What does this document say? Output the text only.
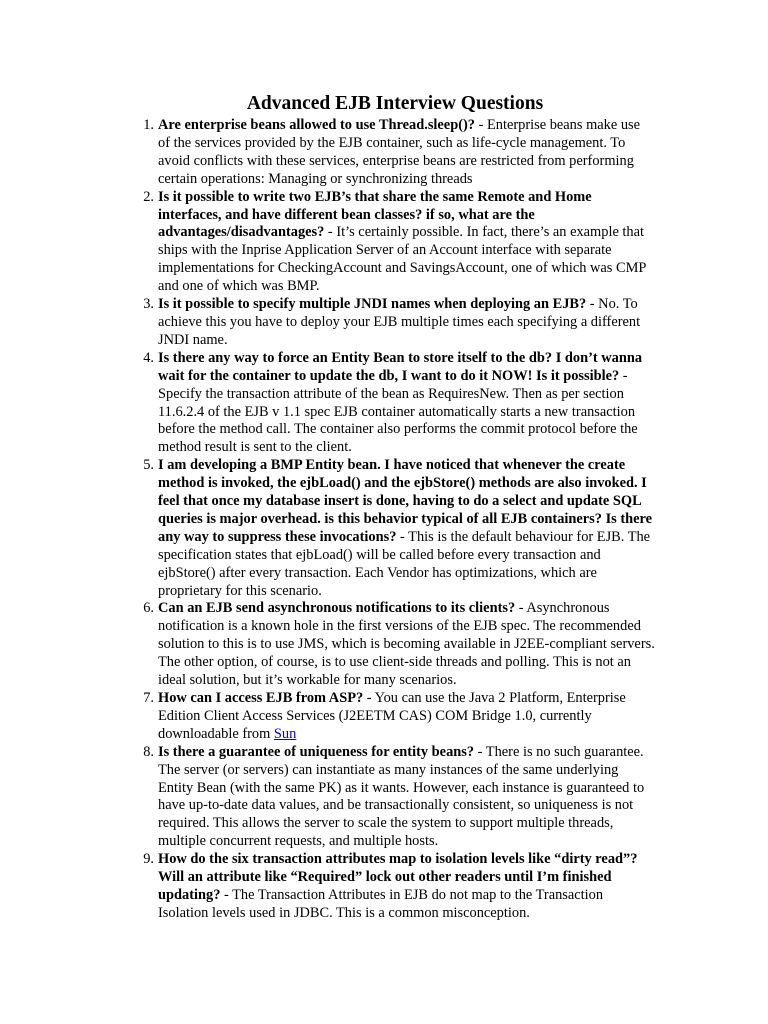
Advanced EJB Interview Questions
1. Are enterprise beans allowed to use Thread.sleep()? - Enterprise beans make use of the services provided by the EJB container, such as life-cycle management. To avoid conflicts with these services, enterprise beans are restricted from performing certain operations: Managing or synchronizing threads
2. Is it possible to write two EJB’s that share the same Remote and Home interfaces, and have different bean classes? if so, what are the advantages/disadvantages? - It’s certainly possible. In fact, there’s an example that ships with the Inprise Application Server of an Account interface with separate implementations for CheckingAccount and SavingsAccount, one of which was CMP and one of which was BMP.
3. Is it possible to specify multiple JNDI names when deploying an EJB? - No. To achieve this you have to deploy your EJB multiple times each specifying a different JNDI name.
4. Is there any way to force an Entity Bean to store itself to the db? I don’t wanna wait for the container to update the db, I want to do it NOW! Is it possible? - Specify the transaction attribute of the bean as RequiresNew. Then as per section 11.6.2.4 of the EJB v 1.1 spec EJB container automatically starts a new transaction before the method call. The container also performs the commit protocol before the method result is sent to the client.
5. I am developing a BMP Entity bean. I have noticed that whenever the create method is invoked, the ejbLoad() and the ejbStore() methods are also invoked. I feel that once my database insert is done, having to do a select and update SQL queries is major overhead. is this behavior typical of all EJB containers? Is there any way to suppress these invocations? - This is the default behaviour for EJB. The specification states that ejbLoad() will be called before every transaction and ejbStore() after every transaction. Each Vendor has optimizations, which are proprietary for this scenario.
6. Can an EJB send asynchronous notifications to its clients? - Asynchronous notification is a known hole in the first versions of the EJB spec. The recommended solution to this is to use JMS, which is becoming available in J2EE-compliant servers. The other option, of course, is to use client-side threads and polling. This is not an ideal solution, but it’s workable for many scenarios.
7. How can I access EJB from ASP? - You can use the Java 2 Platform, Enterprise Edition Client Access Services (J2EETM CAS) COM Bridge 1.0, currently downloadable from Sun
8. Is there a guarantee of uniqueness for entity beans? - There is no such guarantee. The server (or servers) can instantiate as many instances of the same underlying Entity Bean (with the same PK) as it wants. However, each instance is guaranteed to have up-to-date data values, and be transactionally consistent, so uniqueness is not required. This allows the server to scale the system to support multiple threads, multiple concurrent requests, and multiple hosts.
9. How do the six transaction attributes map to isolation levels like “dirty read”? Will an attribute like “Required” lock out other readers until I’m finished updating? - The Transaction Attributes in EJB do not map to the Transaction Isolation levels used in JDBC. This is a common misconception.
